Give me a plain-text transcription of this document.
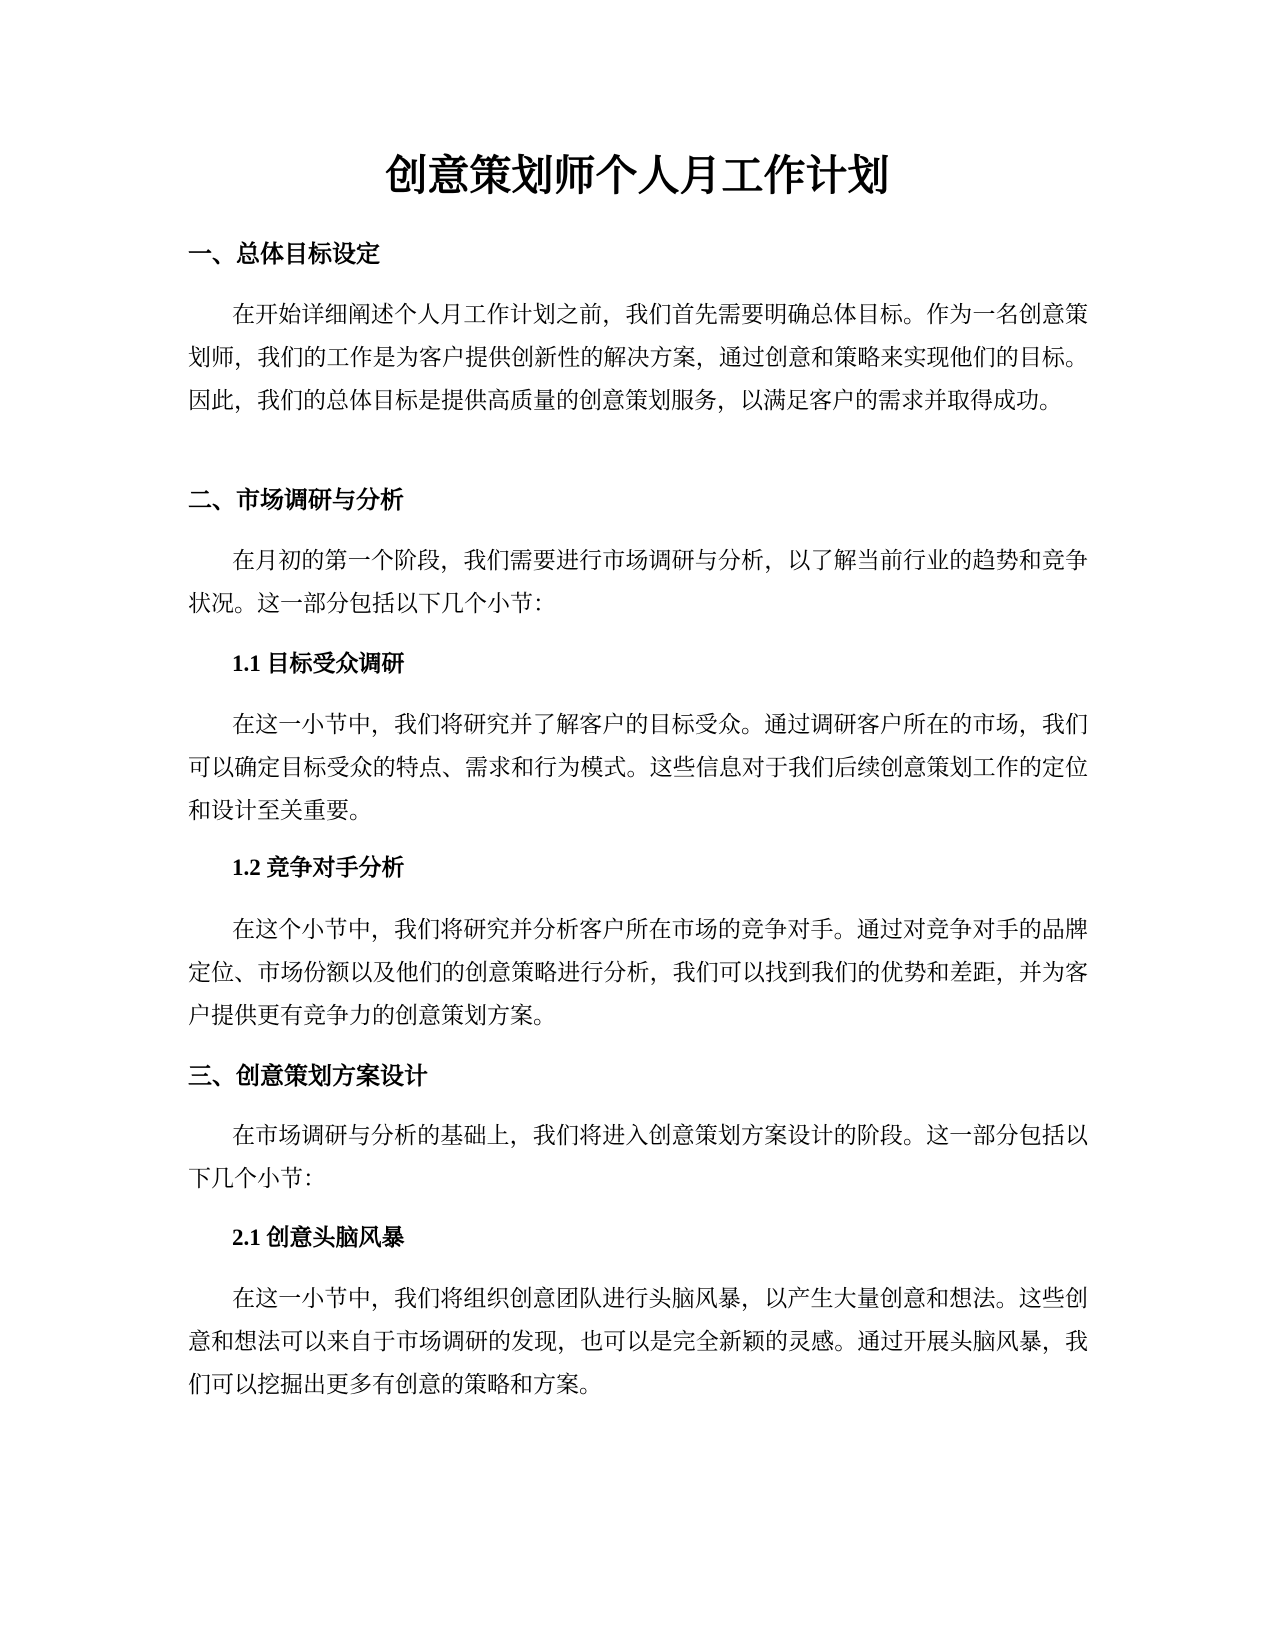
创意策划师个人月工作计划
一、总体目标设定

在开始详细阐述个人月工作计划之前，我们首先需要明确总体目标。作为一名创意策划师，我们的工作是为客户提供创新性的解决方案，通过创意和策略来实现他们的目标。因此，我们的总体目标是提供高质量的创意策划服务，以满足客户的需求并取得成功。

二、市场调研与分析

在月初的第一个阶段，我们需要进行市场调研与分析，以了解当前行业的趋势和竞争状况。这一部分包括以下几个小节：

1.1 目标受众调研

在这一小节中，我们将研究并了解客户的目标受众。通过调研客户所在的市场，我们可以确定目标受众的特点、需求和行为模式。这些信息对于我们后续创意策划工作的定位和设计至关重要。

1.2 竞争对手分析

在这个小节中，我们将研究并分析客户所在市场的竞争对手。通过对竞争对手的品牌定位、市场份额以及他们的创意策略进行分析，我们可以找到我们的优势和差距，并为客户提供更有竞争力的创意策划方案。

三、创意策划方案设计

在市场调研与分析的基础上，我们将进入创意策划方案设计的阶段。这一部分包括以下几个小节：

2.1 创意头脑风暴

在这一小节中，我们将组织创意团队进行头脑风暴，以产生大量创意和想法。这些创意和想法可以来自于市场调研的发现，也可以是完全新颖的灵感。通过开展头脑风暴，我们可以挖掘出更多有创意的策略和方案。
